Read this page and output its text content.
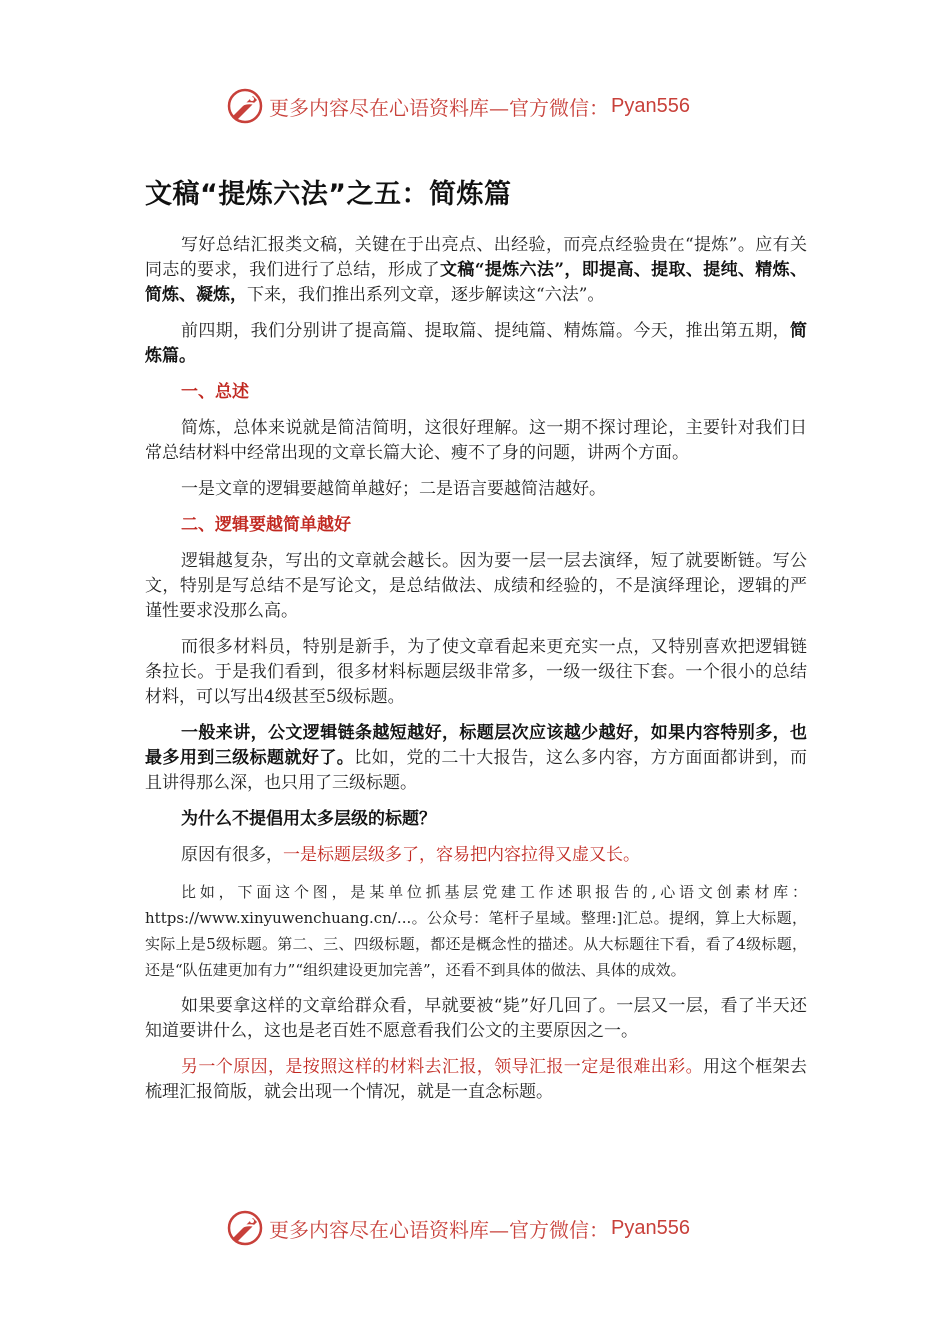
更多内容尽在心语资料库—官方微信： Pyan556
文稿“提炼六法”之五：简炼篇

写好总结汇报类文稿，关键在于出亮点、出经验，而亮点经验贵在“提炼”。应有关同志的要求，我们进行了总结，形成了文稿“提炼六法”，即提高、提取、提纯、精炼、简炼、凝炼，下来，我们推出系列文章，逐步解读这“六法”。

前四期，我们分别讲了提高篇、提取篇、提纯篇、精炼篇。今天，推出第五期，简炼篇。

一、总述

简炼，总体来说就是简洁简明，这很好理解。这一期不探讨理论，主要针对我们日常总结材料中经常出现的文章长篇大论、瘦不了身的问题，讲两个方面。

一是文章的逻辑要越简单越好；二是语言要越简洁越好。

二、逻辑要越简单越好

逻辑越复杂，写出的文章就会越长。因为要一层一层去演绎，短了就要断链。写公文，特别是写总结不是写论文，是总结做法、成绩和经验的，不是演绎理论，逻辑的严谨性要求没那么高。

而很多材料员，特别是新手，为了使文章看起来更充实一点，又特别喜欢把逻辑链条拉长。于是我们看到，很多材料标题层级非常多，一级一级往下套。一个很小的总结材料，可以写出4级甚至5级标题。

一般来讲，公文逻辑链条越短越好，标题层次应该越少越好，如果内容特别多，也最多用到三级标题就好了。比如，党的二十大报告，这么多内容，方方面面都讲到，而且讲得那么深，也只用了三级标题。

为什么不提倡用太多层级的标题？

原因有很多，一是标题层级多了，容易把内容拉得又虚又长。

比如，下面这个图，是某单位抓基层党建工作述职报告的,心语文创素材库：https://www.xinyuwenchuang.cn/...。公众号：笔杆子星域。整理:]汇总。提纲，算上大标题，实际上是5级标题。第二、三、四级标题，都还是概念性的描述。从大标题往下看，看了4级标题，还是“队伍建更加有力”“组织建设更加完善”，还看不到具体的做法、具体的成效。

如果要拿这样的文章给群众看，早就要被“毙”好几回了。一层又一层，看了半天还知道要讲什么，这也是老百姓不愿意看我们公文的主要原因之一。

另一个原因，是按照这样的材料去汇报，领导汇报一定是很难出彩。用这个框架去梳理汇报简版，就会出现一个情况，就是一直念标题。

更多内容尽在心语资料库—官方微信： Pyan556
